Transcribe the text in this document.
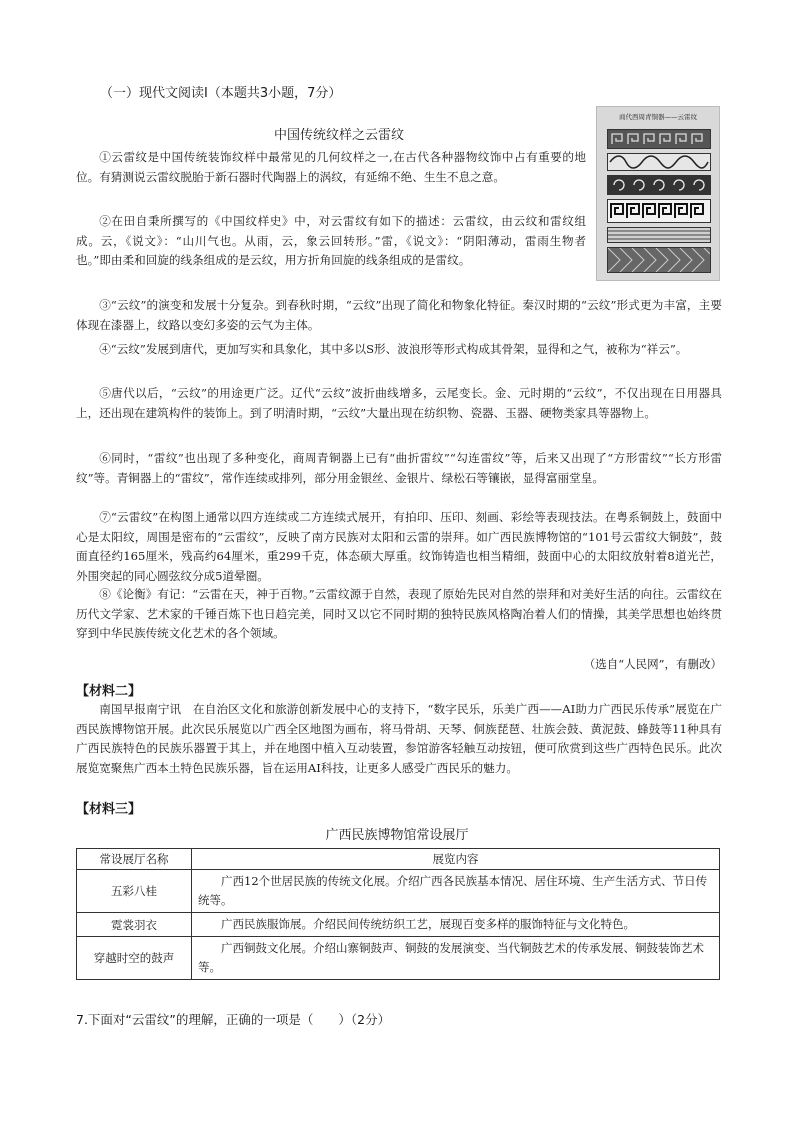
（一）现代文阅读Ⅰ（本题共3小题，7分）
中国传统纹样之云雷纹
商代西周青铜器——云雷纹
①云雷纹是中国传统装饰纹样中最常见的几何纹样之一,在古代各种器物纹饰中占有重要的地位。有猜测说云雷纹脱胎于新石器时代陶器上的涡纹，有延绵不绝、生生不息之意。
②在田自秉所撰写的《中国纹样史》中，对云雷纹有如下的描述：云雷纹，由云纹和雷纹组成。云，《说文》：“山川气也。从雨，云，象云回转形。”雷，《说文》：“阴阳薄动，雷雨生物者也。”即由柔和回旋的线条组成的是云纹，用方折角回旋的线条组成的是雷纹。
③“云纹”的演变和发展十分复杂。到春秋时期，“云纹”出现了简化和物象化特征。秦汉时期的“云纹”形式更为丰富，主要体现在漆器上，纹路以变幻多姿的云气为主体。
④“云纹”发展到唐代，更加写实和具象化，其中多以S形、波浪形等形式构成其骨架，显得和之气，被称为“祥云”。
⑤唐代以后，“云纹”的用途更广泛。辽代“云纹”波折曲线增多，云尾变长。金、元时期的“云纹”，不仅出现在日用器具上，还出现在建筑构件的装饰上。到了明清时期，“云纹”大量出现在纺织物、瓷器、玉器、硬物类家具等器物上。
⑥同时，“雷纹”也出现了多种变化，商周青铜器上已有“曲折雷纹”“勾连雷纹”等，后来又出现了“方形雷纹”“长方形雷纹”等。青铜器上的“雷纹”，常作连续或排列，部分用金银丝、金银片、绿松石等镶嵌，显得富丽堂皇。
⑦“云雷纹”在构图上通常以四方连续或二方连续式展开，有拍印、压印、刻画、彩绘等表现技法。在粤系铜鼓上，鼓面中心是太阳纹，周围是密布的“云雷纹”，反映了南方民族对太阳和云雷的崇拜。如广西民族博物馆的“101号云雷纹大铜鼓”，鼓面直径约165厘米，残高约64厘米，重299千克，体态硕大厚重。纹饰铸造也相当精细，鼓面中心的太阳纹放射着8道光芒，外围突起的同心圆弦纹分成5道晕圈。
⑧《论衡》有记：“云雷在天，神于百物。”云雷纹源于自然，表现了原始先民对自然的崇拜和对美好生活的向往。云雷纹在历代文学家、艺术家的千锤百炼下也日趋完美，同时又以它不同时期的独特民族风格陶冶着人们的情操，其美学思想也始终贯穿到中华民族传统文化艺术的各个领域。
（选自“人民网”，有删改）
【材料二】
南国早报南宁讯　在自治区文化和旅游创新发展中心的支持下，“数字民乐，乐美广西——AI助力广西民乐传承”展览在广西民族博物馆开展。此次民乐展览以广西全区地图为画布，将马骨胡、天琴、侗族琵琶、壮族会鼓、黄泥鼓、蜂鼓等11种具有广西民族特色的民族乐器置于其上，并在地图中植入互动装置，参馆游客轻触互动按钮，便可欣赏到这些广西特色民乐。此次展览宽聚焦广西本土特色民族乐器，旨在运用AI科技，让更多人感受广西民乐的魅力。
【材料三】
广西民族博物馆常设展厅
常设展厅名称	展览内容
五彩八桂	广西12个世居民族的传统文化展。介绍广西各民族基本情况、居住环境、生产生活方式、节日传统等。
霓裳羽衣	广西民族服饰展。介绍民间传统纺织工艺，展现百变多样的服饰特征与文化特色。
穿越时空的鼓声	广西铜鼓文化展。介绍山寨铜鼓声、铜鼓的发展演变、当代铜鼓艺术的传承发展、铜鼓装饰艺术等。
7.下面对“云雷纹”的理解，正确的一项是（　　）（2分）
